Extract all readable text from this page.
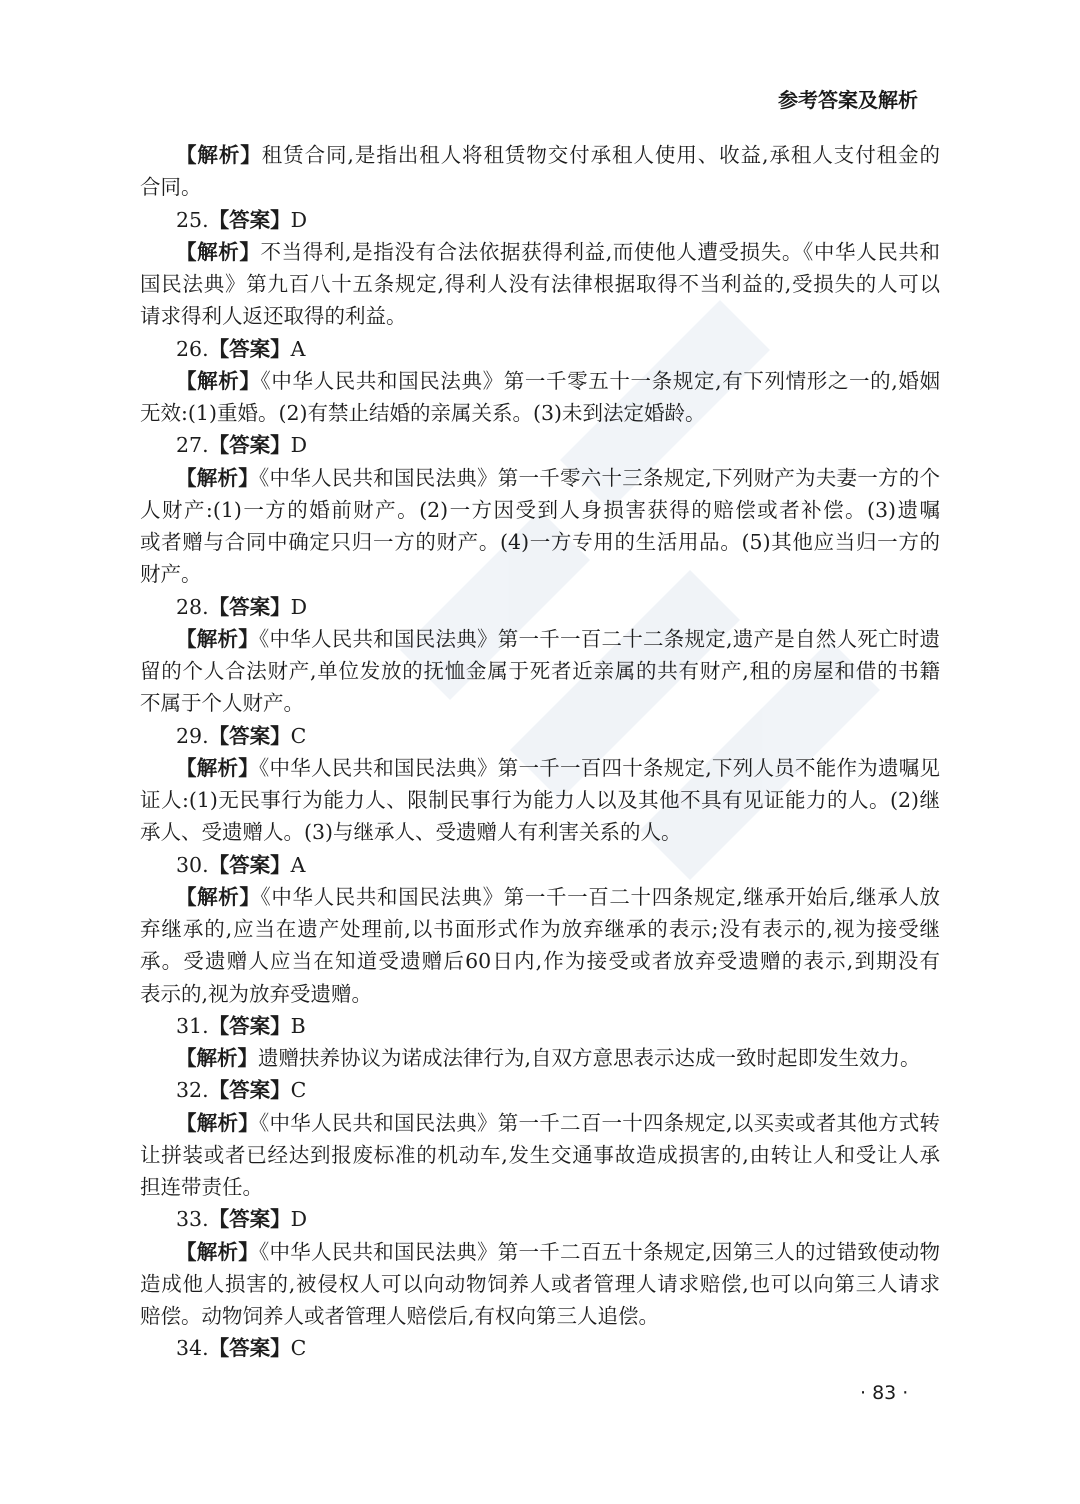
参考答案及解析
【解析】租赁合同,是指出租人将租赁物交付承租人使用、收益,承租人支付租金的
合同。
25.【答案】D
【解析】不当得利,是指没有合法依据获得利益,而使他人遭受损失。《中华人民共和
国民法典》第九百八十五条规定,得利人没有法律根据取得不当利益的,受损失的人可以
请求得利人返还取得的利益。
26.【答案】A
【解析】《中华人民共和国民法典》第一千零五十一条规定,有下列情形之一的,婚姻
无效:(1)重婚。(2)有禁止结婚的亲属关系。(3)未到法定婚龄。
27.【答案】D
【解析】《中华人民共和国民法典》第一千零六十三条规定,下列财产为夫妻一方的个
人财产:(1)一方的婚前财产。(2)一方因受到人身损害获得的赔偿或者补偿。(3)遗嘱
或者赠与合同中确定只归一方的财产。(4)一方专用的生活用品。(5)其他应当归一方的
财产。
28.【答案】D
【解析】《中华人民共和国民法典》第一千一百二十二条规定,遗产是自然人死亡时遗
留的个人合法财产,单位发放的抚恤金属于死者近亲属的共有财产,租的房屋和借的书籍
不属于个人财产。
29.【答案】C
【解析】《中华人民共和国民法典》第一千一百四十条规定,下列人员不能作为遗嘱见
证人:(1)无民事行为能力人、限制民事行为能力人以及其他不具有见证能力的人。(2)继
承人、受遗赠人。(3)与继承人、受遗赠人有利害关系的人。
30.【答案】A
【解析】《中华人民共和国民法典》第一千一百二十四条规定,继承开始后,继承人放
弃继承的,应当在遗产处理前,以书面形式作为放弃继承的表示;没有表示的,视为接受继
承。受遗赠人应当在知道受遗赠后60日内,作为接受或者放弃受遗赠的表示,到期没有
表示的,视为放弃受遗赠。
31.【答案】B
【解析】遗赠扶养协议为诺成法律行为,自双方意思表示达成一致时起即发生效力。
32.【答案】C
【解析】《中华人民共和国民法典》第一千二百一十四条规定,以买卖或者其他方式转
让拼装或者已经达到报废标准的机动车,发生交通事故造成损害的,由转让人和受让人承
担连带责任。
33.【答案】D
【解析】《中华人民共和国民法典》第一千二百五十条规定,因第三人的过错致使动物
造成他人损害的,被侵权人可以向动物饲养人或者管理人请求赔偿,也可以向第三人请求
赔偿。动物饲养人或者管理人赔偿后,有权向第三人追偿。
34.【答案】C
· 83 ·
